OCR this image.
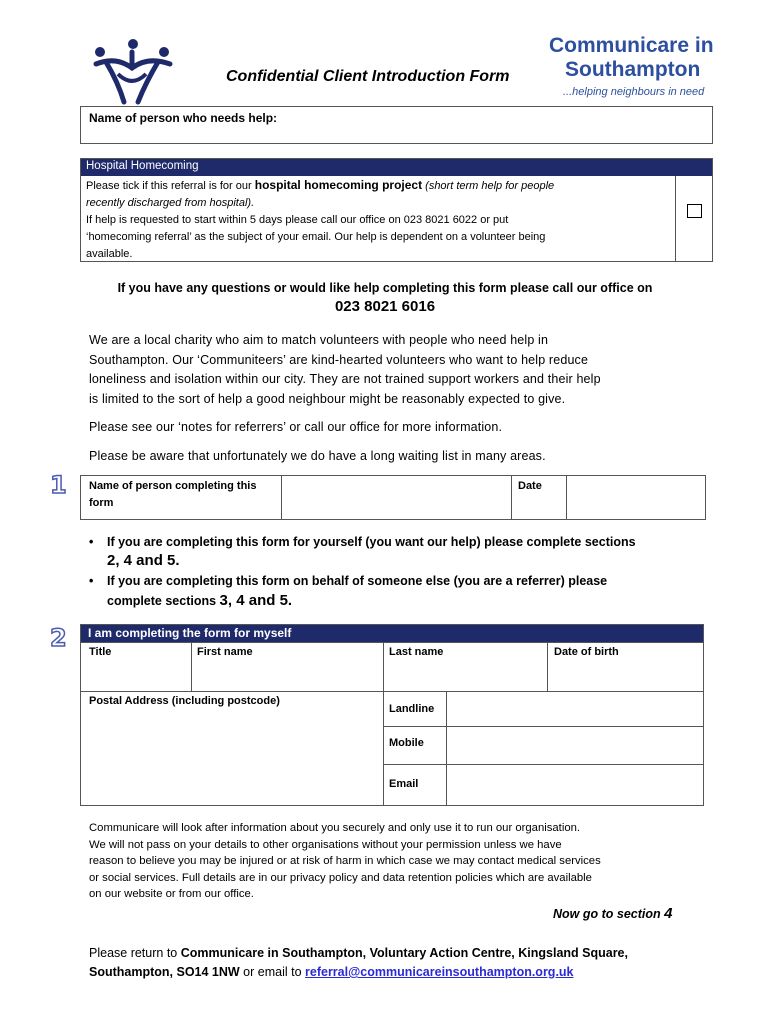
Confidential Client Introduction Form
Communicare in
Southampton
...helping neighbours in need
Name of person who needs help:
Hospital Homecoming
Please tick if this referral is for our hospital homecoming project (short term help for people
recently discharged from hospital).
If help is requested to start within 5 days please call our office on 023 8021 6022 or put
‘homecoming referral’ as the subject of your email. Our help is dependent on a volunteer being
available.
If you have any questions or would like help completing this form please call our office on
023 8021 6016
We are a local charity who aim to match volunteers with people who need help in
Southampton. Our ‘Communiteers’ are kind-hearted volunteers who want to help reduce
loneliness and isolation within our city. They are not trained support workers and their help
is limited to the sort of help a good neighbour might be reasonably expected to give.
Please see our ‘notes for referrers’ or call our office for more information.
Please be aware that unfortunately we do have a long waiting list in many areas.
1 Name of person completing this form
Date
• If you are completing this form for yourself (you want our help) please complete sections
2, 4 and 5.
• If you are completing this form on behalf of someone else (you are a referrer) please
complete sections 3, 4 and 5.
2	I am completing the form for myself
Title	First name	Last name	Date of birth
Postal Address (including postcode)
Landline
Mobile
Email
Communicare will look after information about you securely and only use it to run our organisation.
We will not pass on your details to other organisations without your permission unless we have
reason to believe you may be injured or at risk of harm in which case we may contact medical services
or social services. Full details are in our privacy policy and data retention policies which are available
on our website or from our office.
Now go to section 4
Please return to Communicare in Southampton, Voluntary Action Centre, Kingsland Square,
Southampton, SO14 1NW or email to referral@communicareinsouthampton.org.uk
